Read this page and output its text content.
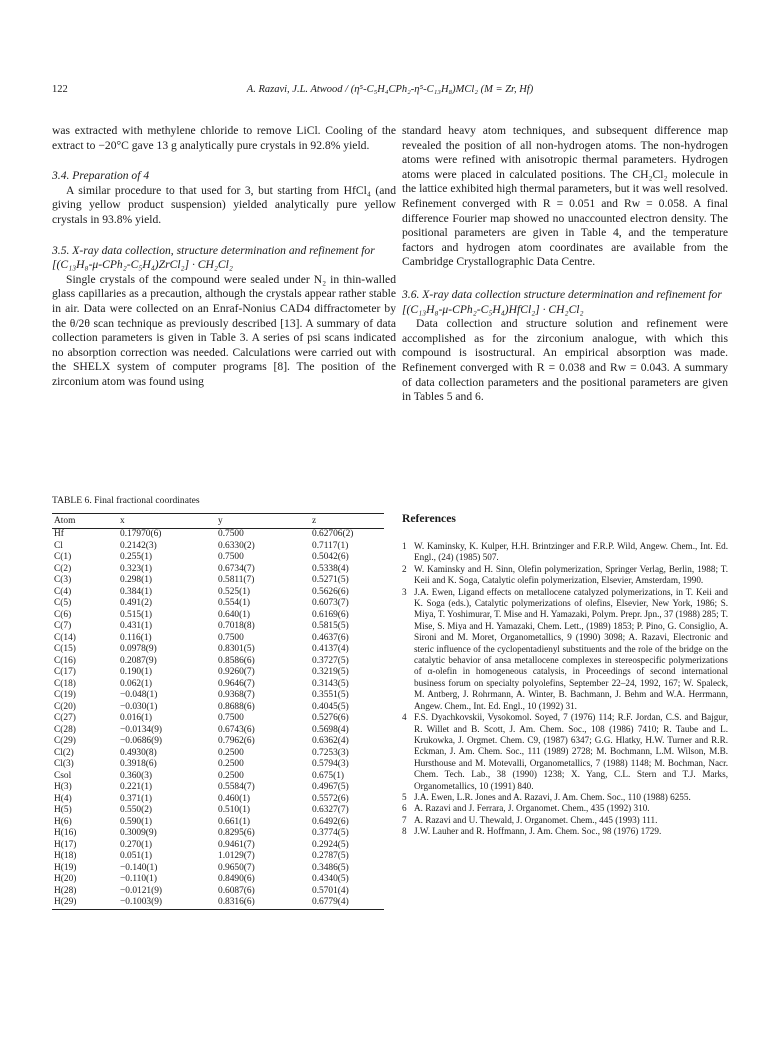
122	A. Razavi, J.L. Atwood / (η⁵-C₅H₄CPh₂-η⁵-C₁₃H₈)MCl₂ (M = Zr, Hf)

was extracted with methylene chloride to remove LiCl. Cooling of the extract to −20°C gave 13 g analytically pure crystals in 92.8% yield.

3.4. Preparation of 4

A similar procedure to that used for 3, but starting from HfCl₄ (and giving yellow product suspension) yielded analytically pure yellow crystals in 93.8% yield.

3.5. X-ray data collection, structure determination and refinement for [(C₁₃H₈-μ-CPh₂-C₅H₄)ZrCl₂] · CH₂Cl₂

Single crystals of the compound were sealed under N₂ in thin-walled glass capillaries as a precaution, although the crystals appear rather stable in air. Data were collected on an Enraf-Nonius CAD4 diffractometer by the θ/2θ scan technique as previously described [13]. A summary of data collection parameters is given in Table 3. A series of psi scans indicated no absorption correction was needed. Calculations were carried out with the SHELX system of computer programs [8]. The position of the zirconium atom was found using

standard heavy atom techniques, and subsequent difference map revealed the position of all non-hydrogen atoms. The non-hydrogen atoms were refined with anisotropic thermal parameters. Hydrogen atoms were placed in calculated positions. The CH₂Cl₂ molecule in the lattice exhibited high thermal parameters, but it was well resolved. Refinement converged with R = 0.051 and Rw = 0.058. A final difference Fourier map showed no unaccounted electron density. The positional parameters are given in Table 4, and the temperature factors and hydrogen atom coordinates are available from the Cambridge Crystallographic Data Centre.

3.6. X-ray data collection structure determination and refinement for [(C₁₃H₈-μ-CPh₂-C₅H₄)HfCl₂] · CH₂Cl₂

Data collection and structure solution and refinement were accomplished as for the zirconium analogue, with which this compound is isostructural. An empirical absorption was made. Refinement converged with R = 0.038 and Rw = 0.043. A summary of data collection parameters and the positional parameters are given in Tables 5 and 6.

TABLE 6. Final fractional coordinates
Atom	x	y	z
Hf	0.17970(6)	0.7500	0.62706(2)
Cl	0.2142(3)	0.6330(2)	0.7117(1)
C(1)	0.255(1)	0.7500	0.5042(6)
C(2)	0.323(1)	0.6734(7)	0.5338(4)
C(3)	0.298(1)	0.5811(7)	0.5271(5)
C(4)	0.384(1)	0.525(1)	0.5626(6)
C(5)	0.491(2)	0.554(1)	0.6073(7)
C(6)	0.515(1)	0.640(1)	0.6169(6)
C(7)	0.431(1)	0.7018(8)	0.5815(5)
C(14)	0.116(1)	0.7500	0.4637(6)
C(15)	0.0978(9)	0.8301(5)	0.4137(4)
C(16)	0.2087(9)	0.8586(6)	0.3727(5)
C(17)	0.190(1)	0.9260(7)	0.3219(5)
C(18)	0.062(1)	0.9646(7)	0.3143(5)
C(19)	−0.048(1)	0.9368(7)	0.3551(5)
C(20)	−0.030(1)	0.8688(6)	0.4045(5)
C(27)	0.016(1)	0.7500	0.5276(6)
C(28)	−0.0134(9)	0.6743(6)	0.5698(4)
C(29)	−0.0686(9)	0.7962(6)	0.6362(4)
Cl(2)	0.4930(8)	0.2500	0.7253(3)
Cl(3)	0.3918(6)	0.2500	0.5794(3)
Csol	0.360(3)	0.2500	0.675(1)
H(3)	0.221(1)	0.5584(7)	0.4967(5)
H(4)	0.371(1)	0.460(1)	0.5572(6)
H(5)	0.550(2)	0.510(1)	0.6327(7)
H(6)	0.590(1)	0.661(1)	0.6492(6)
H(16)	0.3009(9)	0.8295(6)	0.3774(5)
H(17)	0.270(1)	0.9461(7)	0.2924(5)
H(18)	0.051(1)	1.0129(7)	0.2787(5)
H(19)	−0.140(1)	0.9650(7)	0.3486(5)
H(20)	−0.110(1)	0.8490(6)	0.4340(5)
H(28)	−0.0121(9)	0.6087(6)	0.5701(4)
H(29)	−0.1003(9)	0.8316(6)	0.6779(4)
References
1 W. Kaminsky, K. Kulper, H.H. Brintzinger and F.R.P. Wild, Angew. Chem., Int. Ed. Engl., (24) (1985) 507.
2 W. Kaminsky and H. Sinn, Olefin polymerization, Springer Verlag, Berlin, 1988; T. Keii and K. Soga, Catalytic olefin polymerization, Elsevier, Amsterdam, 1990.
3 J.A. Ewen, Ligand effects on metallocene catalyzed polymerizations, in T. Keii and K. Soga (eds.), Catalytic polymerizations of olefins, Elsevier, New York, 1986; S. Miya, T. Yoshimurar, T. Mise and H. Yamazaki, Polym. Prepr. Jpn., 37 (1988) 285; T. Mise, S. Miya and H. Yamazaki, Chem. Lett., (1989) 1853; P. Pino, G. Consiglio, A. Sironi and M. Moret, Organometallics, 9 (1990) 3098; A. Razavi, Electronic and steric influence of the cyclopentadienyl substituents and the role of the bridge on the catalytic behavior of ansa metallocene complexes in stereospecific polymerizations of α-olefin in homogeneous catalysis, in Proceedings of second international business forum on specialty polyolefins, September 22–24, 1992, 167; W. Spaleck, M. Antberg, J. Rohrmann, A. Winter, B. Bachmann, J. Behm and W.A. Herrmann, Angew. Chem., Int. Ed. Engl., 10 (1992) 31.
4 F.S. Dyachkovskii, Vysokomol. Soyed, 7 (1976) 114; R.F. Jordan, C.S. and Bajgur, R. Willet and B. Scott, J. Am. Chem. Soc., 108 (1986) 7410; R. Taube and L. Krukowka, J. Orgmet. Chem. C9, (1987) 6347; G.G. Hlatky, H.W. Turner and R.R. Eckman, J. Am. Chem. Soc., 111 (1989) 2728; M. Bochmann, L.M. Wilson, M.B. Hursthouse and M. Motevalli, Organometallics, 7 (1988) 1148; M. Bochman, Nacr. Chem. Tech. Lab., 38 (1990) 1238; X. Yang, C.L. Stern and T.J. Marks, Organometallics, 10 (1991) 840.
5 J.A. Ewen, L.R. Jones and A. Razavi, J. Am. Chem. Soc., 110 (1988) 6255.
6 A. Razavi and J. Ferrara, J. Organomet. Chem., 435 (1992) 310.
7 A. Razavi and U. Thewald, J. Organomet. Chem., 445 (1993) 111.
8 J.W. Lauher and R. Hoffmann, J. Am. Chem. Soc., 98 (1976) 1729.
